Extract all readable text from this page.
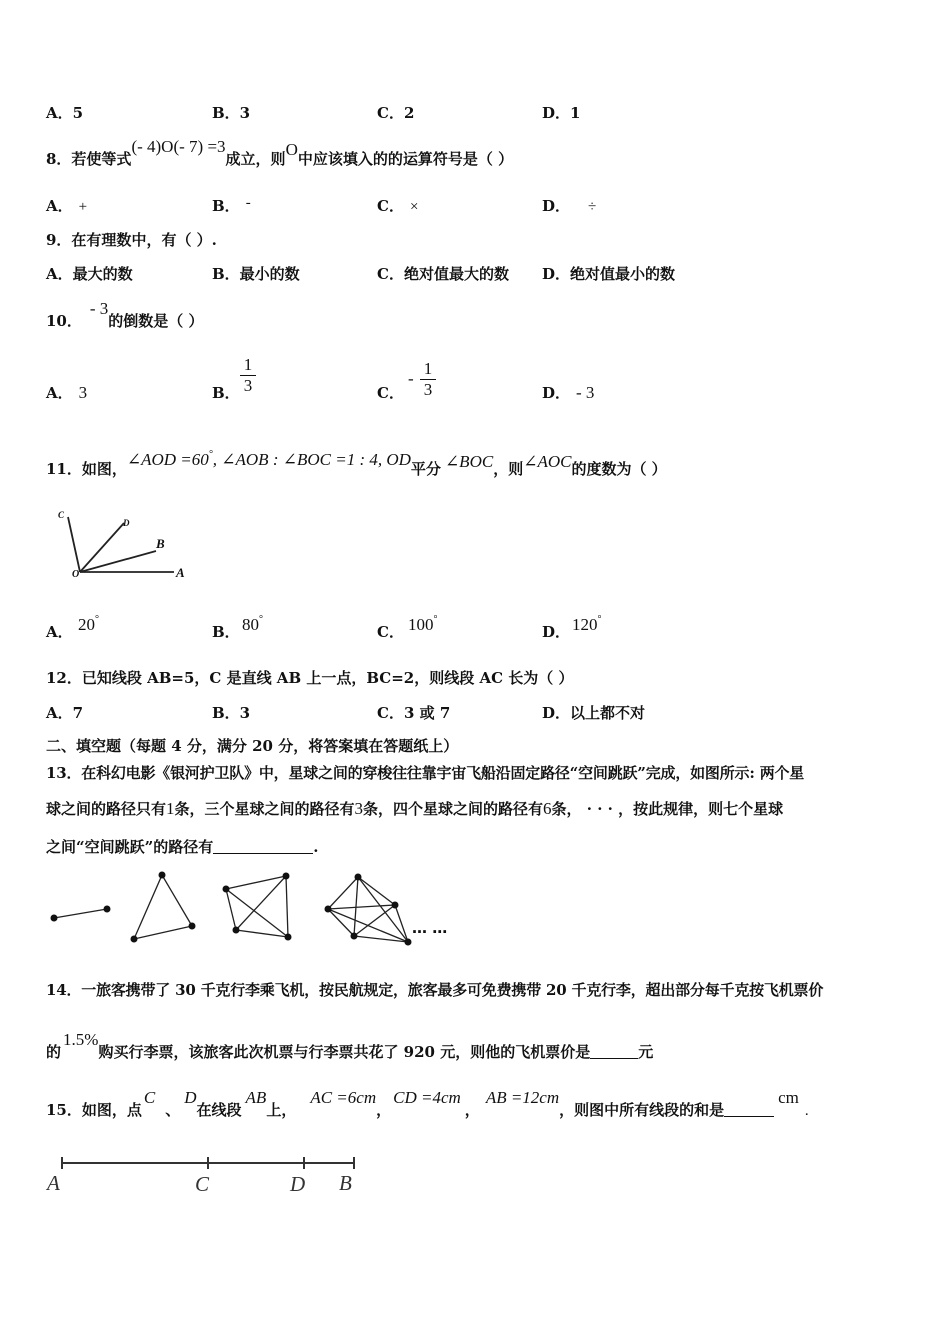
A．5	B．3	C．2	D．1
8．若使等式(- 4)O(- 7) =3成立，则O中应该填入的的运算符号是（ ）
A． +	B． -	C． ×	D． ÷
9．在有理数中，有（ ）.
A．最大的数	B．最小的数	C．绝对值最大的数 D．绝对值最小的数
10．- 3的倒数是（ ）
A． 3	B． $\frac{1}{3}$	C．
- $\frac{1}{3}$	D． - 3
11．如图，∠AOD =60°, ∠AOB : ∠BOC =1 : 4, OD平分 ∠BOC，则∠AOC的度数为（ ）
C
D
B
O	A
A． 20°
B． 80°
C． 100°
D． 120°
12．已知线段 AB=5，C 是直线 AB 上一点，BC=2，则线段 AC 长为（ ）
A．7	B．3	C．3 或 7	D．以上都不对
二、填空题（每题 4 分，满分 20 分，将答案填在答题纸上）
13．在科幻电影《银河护卫队》中，星球之间的穿梭往往靠宇宙飞船沿固定路径“空间跳跃”完成，如图所示: 两个星
球之间的路径只有1条，三个星球之间的路径有3条，四个星球之间的路径有6条， · · · ，按此规律，则七个星球
之间“空间跳跃”的路径有	.
… …
14．一旅客携带了 30 千克行李乘飞机，按民航规定，旅客最多可免费携带 20 千克行李，超出部分每千克按飞机票价
的1.5%购买行李票，该旅客此次机票与行李票共花了 920 元，则他的飞机票价是	元
15．如图，点C、D在线段AB上，AC =6cm，CD =4cm，AB =12cm，则图中所有线段的和是cm.
A	C	D B
